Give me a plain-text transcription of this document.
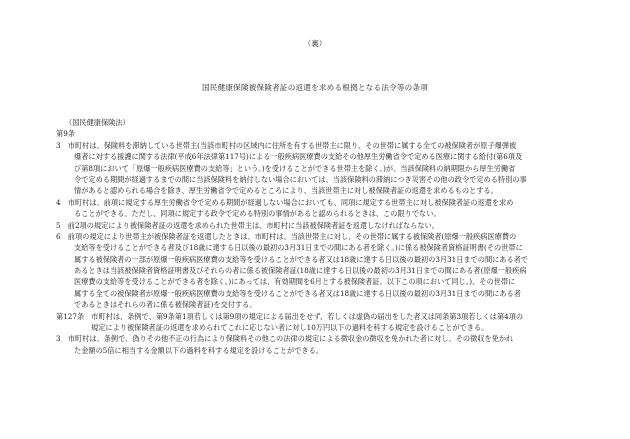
（裏）
国民健康保険被保険者証の返還を求める根拠となる法令等の条項
（国民健康保険法）
第9条
3　市町村は、保険料を滞納している世帯主(当該市町村の区域内に住所を有する世帯主に限り、その世帯に属する全ての被保険者が原子爆弾被
爆者に対する援護に関する法律(平成6年法律第117号)による一般疾病医療費の支給その他厚生労働省令で定める医療に関する給付(第6項及
び第8項において「原爆一般疾病医療費の支給等」という。)を受けることができる世帯主を除く。)が、当該保険料の納期限から厚生労働省
令で定める期間が経過するまでの間に当該保険料を納付しない場合においては、当該保険料の滞納につき災害その他の政令で定める特別の事
情があると認められる場合を除き、厚生労働省令で定めるところにより、当該世帯主に対し被保険者証の返還を求めるものとする。
4　市町村は、前項に規定する厚生労働省令で定める期間が経過しない場合においても、同項に規定する世帯主に対し被保険者証の返還を求め
ることができる。ただし、同項に規定する政令で定める特別の事情があると認められるときは、この限りでない。
5　前2項の規定により被保険者証の返還を求められた世帯主は、市町村に当該被保険者証を返還しなければならない。
6　前項の規定により世帯主が被保険者証を返還したときは、市町村は、当該世帯主に対し、その世帯に属する被保険者(原爆一般疾病医療費の
支給等を受けることができる者及び18歳に達する日以後の最初の3月31日までの間にある者を除く。)に係る被保険者資格証明書(その世帯に
属する被保険者の一部が原爆一般疾病医療費の支給等を受けることができる者又は18歳に達する日以後の最初の3月31日までの間にある者で
あるときは当該被保険者資格証明書及びそれらの者に係る被保険者証(18歳に達する日以後の最初の3月31日までの間にある者(原爆一般疾病
医療費の支給等を受けることができる者を除く。)にあっては、有効期間を6月とする被保険者証。以下この項において同じ。)、その世帯に
属する全ての被保険者が原爆一般疾病医療費の支給等を受けることができる者又は18歳に達する日以後の最初の3月31日までの間にある者
であるときはそれらの者に係る被保険者証)を交付する。
第127条　市町村は、条例で、第9条第1項若しくは第9項の規定による届出をせず、若しくは虚偽の届出をした者又は同条第3項若しくは第4項の
規定により被保険者証の返還を求められてこれに応じない者に対し10万円以下の過料を科する規定を設けることができる。
3　市町村は、条例で、偽りその他不正の行為により保険料その他この法律の規定による徴収金の徴収を免かれた者に対し、その徴収を免かれ
た金額の5倍に相当する金額以下の過料を科する規定を設けることができる。
